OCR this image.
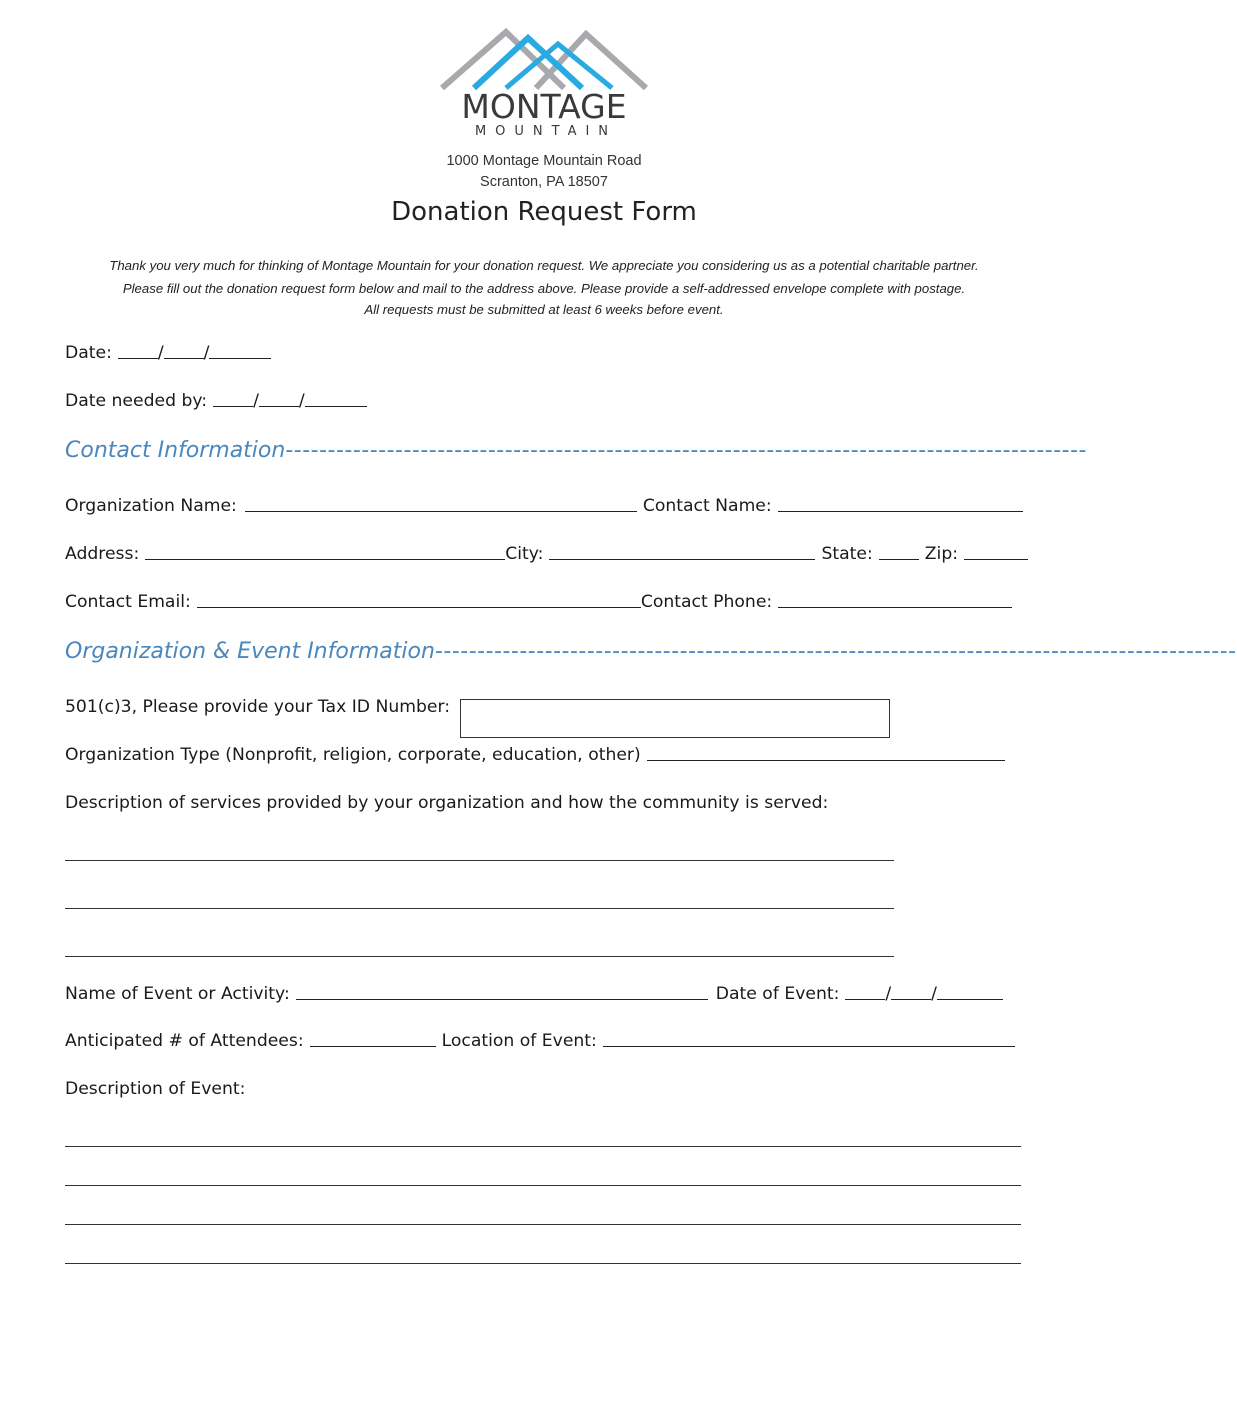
MONTAGE
MOUNTAIN
1000 Montage Mountain Road
Scranton, PA 18507
Donation Request Form
Thank you very much for thinking of Montage Mountain for your donation request. We appreciate you considering us as a potential charitable partner.
Please fill out the donation request form below and mail to the address above. Please provide a self-addressed envelope complete with postage.
All requests must be submitted at least 6 weeks before event.
Date:	/ /
Date needed by:	/ /
Contact Information-----------------------------------------------------------------------------------------------
Organization Name:	Contact Name:
Address:	City:	State:	Zip:
Contact Email:	Contact Phone:
Organization & Event Information-----------------------------------------------------------------------------------------------
501(c)3, Please provide your Tax ID Number:
Organization Type (Nonprofit, religion, corporate, education, other)
Description of services provided by your organization and how the community is served:
Name of Event or Activity:	Date of Event:	/ /
Anticipated # of Attendees:	Location of Event:
Description of Event:
